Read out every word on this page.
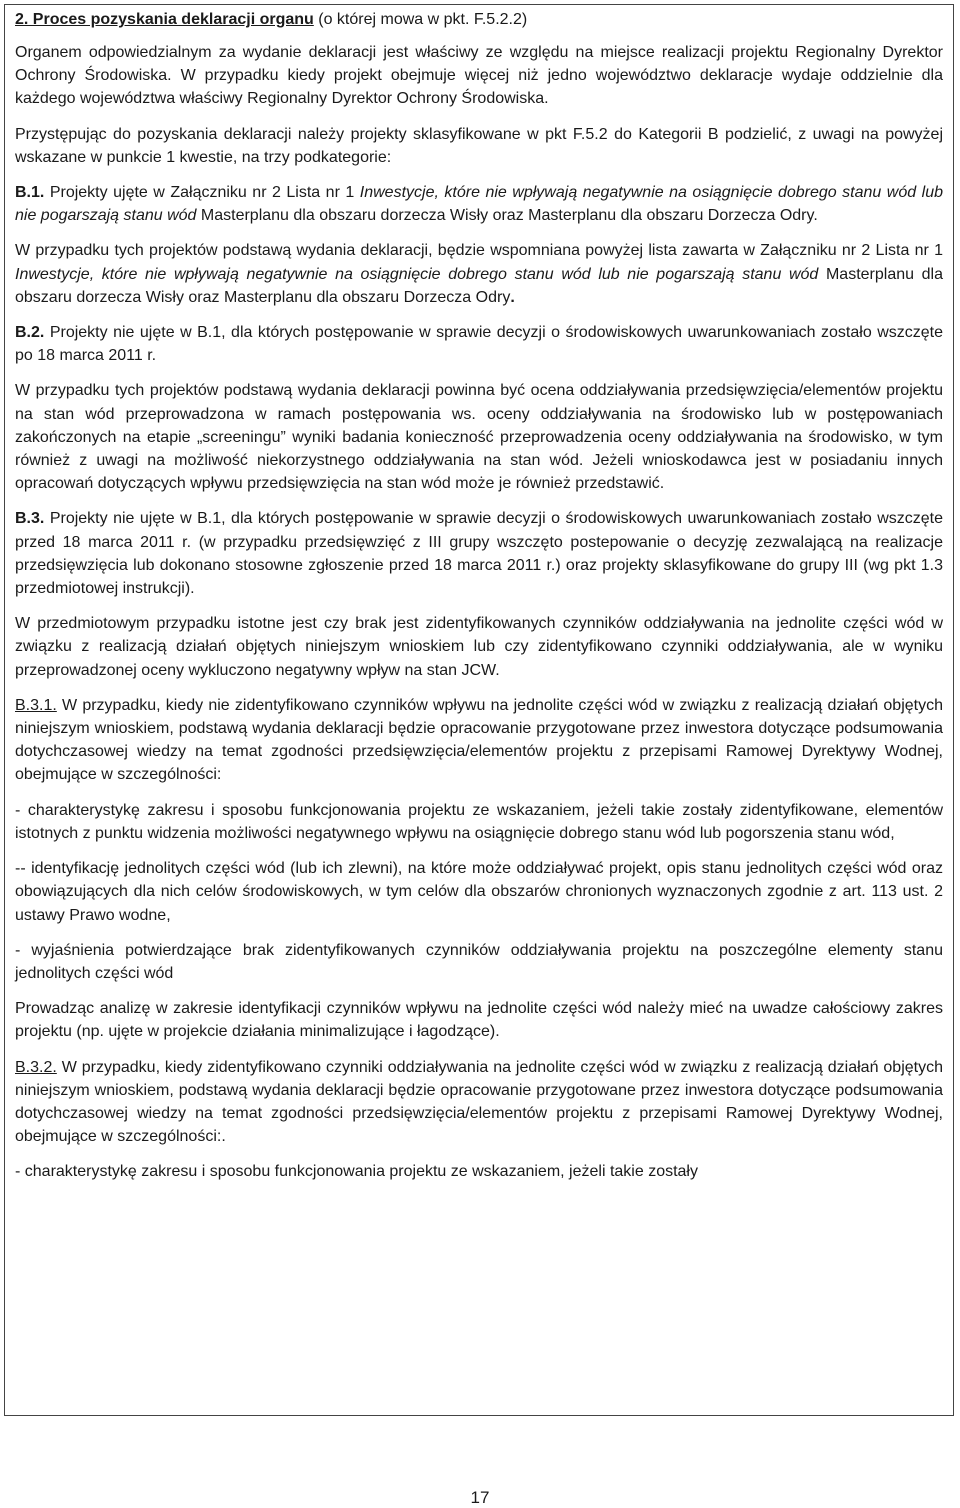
2. Proces pozyskania deklaracji organu (o której mowa w pkt. F.5.2.2)

Organem odpowiedzialnym za wydanie deklaracji jest właściwy ze względu na miejsce realizacji projektu Regionalny Dyrektor Ochrony Środowiska. W przypadku kiedy projekt obejmuje więcej niż jedno województwo deklaracje wydaje oddzielnie dla każdego województwa właściwy Regionalny Dyrektor Ochrony Środowiska.

Przystępując do pozyskania deklaracji należy projekty sklasyfikowane w pkt F.5.2 do Kategorii B podzielić, z uwagi na powyżej wskazane w punkcie 1 kwestie, na trzy podkategorie:

B.1. Projekty ujęte w Załączniku nr 2 Lista nr 1 Inwestycje, które nie wpływają negatywnie na osiągnięcie dobrego stanu wód lub nie pogarszają stanu wód Masterplanu dla obszaru dorzecza Wisły oraz Masterplanu dla obszaru Dorzecza Odry.

W przypadku tych projektów podstawą wydania deklaracji, będzie wspomniana powyżej lista zawarta w Załączniku nr 2 Lista nr 1 Inwestycje, które nie wpływają negatywnie na osiągnięcie dobrego stanu wód lub nie pogarszają stanu wód Masterplanu dla obszaru dorzecza Wisły oraz Masterplanu dla obszaru Dorzecza Odry.

B.2. Projekty nie ujęte w B.1, dla których postępowanie w sprawie decyzji o środowiskowych uwarunkowaniach zostało wszczęte po 18 marca 2011 r.

W przypadku tych projektów podstawą wydania deklaracji powinna być ocena oddziaływania przedsięwzięcia/elementów projektu na stan wód przeprowadzona w ramach postępowania ws. oceny oddziaływania na środowisko lub w postępowaniach zakończonych na etapie „screeningu” wyniki badania konieczność przeprowadzenia oceny oddziaływania na środowisko, w tym również z uwagi na możliwość niekorzystnego oddziaływania na stan wód. Jeżeli wnioskodawca jest w posiadaniu innych opracowań dotyczących wpływu przedsięwzięcia na stan wód może je również przedstawić.

B.3. Projekty nie ujęte w B.1, dla których postępowanie w sprawie decyzji o środowiskowych uwarunkowaniach zostało wszczęte przed 18 marca 2011 r. (w przypadku przedsięwzięć z III grupy wszczęto postepowanie o decyzję zezwalającą na realizacje przedsięwzięcia lub dokonano stosowne zgłoszenie przed 18 marca 2011 r.) oraz projekty sklasyfikowane do grupy III (wg pkt 1.3 przedmiotowej instrukcji).

W przedmiotowym przypadku istotne jest czy brak jest zidentyfikowanych czynników oddziaływania na jednolite części wód w związku z realizacją działań objętych niniejszym wnioskiem lub czy zidentyfikowano czynniki oddziaływania, ale w wyniku przeprowadzonej oceny wykluczono negatywny wpływ na stan JCW.

B.3.1. W przypadku, kiedy nie zidentyfikowano czynników wpływu na jednolite części wód w związku z realizacją działań objętych niniejszym wnioskiem, podstawą wydania deklaracji będzie opracowanie przygotowane przez inwestora dotyczące podsumowania dotychczasowej wiedzy na temat zgodności przedsięwzięcia/elementów projektu z przepisami Ramowej Dyrektywy Wodnej, obejmujące w szczególności:

- charakterystykę zakresu i sposobu funkcjonowania projektu ze wskazaniem, jeżeli takie zostały zidentyfikowane, elementów istotnych z punktu widzenia możliwości negatywnego wpływu na osiągnięcie dobrego stanu wód lub pogorszenia stanu wód,

-- identyfikację jednolitych części wód (lub ich zlewni), na które może oddziaływać projekt, opis stanu jednolitych części wód oraz obowiązujących dla nich celów środowiskowych, w tym celów dla obszarów chronionych wyznaczonych zgodnie z art. 113 ust. 2 ustawy Prawo wodne,

- wyjaśnienia potwierdzające brak zidentyfikowanych czynników oddziaływania projektu na poszczególne elementy stanu jednolitych części wód

Prowadząc analizę w zakresie identyfikacji czynników wpływu na jednolite części wód należy mieć na uwadze całościowy zakres projektu (np. ujęte w projekcie działania minimalizujące i łagodzące).

B.3.2. W przypadku, kiedy zidentyfikowano czynniki oddziaływania na jednolite części wód w związku z realizacją działań objętych niniejszym wnioskiem, podstawą wydania deklaracji będzie opracowanie przygotowane przez inwestora dotyczące podsumowania dotychczasowej wiedzy na temat zgodności przedsięwzięcia/elementów projektu z przepisami Ramowej Dyrektywy Wodnej, obejmujące w szczególności:.

- charakterystykę zakresu i sposobu funkcjonowania projektu ze wskazaniem, jeżeli takie zostały

17
